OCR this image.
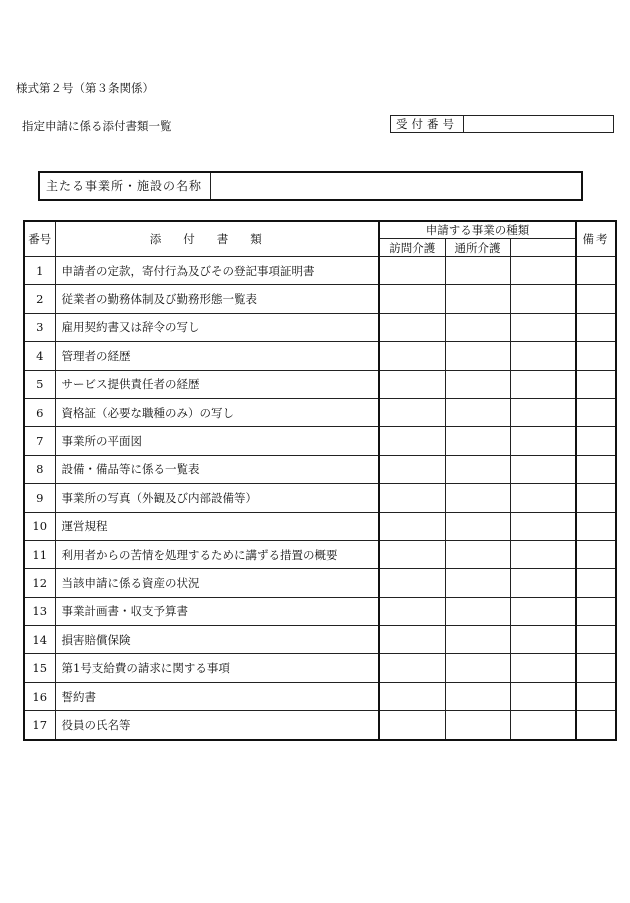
様式第２号（第３条関係）
指定申請に係る添付書類一覧	受付番号
主たる事業所・施設の名称
番号	添付書類	申請する事業の種類			備考
		訪問介護	通所介護		
1	申請者の定款，寄付行為及びその登記事項証明書				
2	従業者の勤務体制及び勤務形態一覧表				
3	雇用契約書又は辞令の写し				
4	管理者の経歴				
5	サービス提供責任者の経歴				
6	資格証（必要な職種のみ）の写し				
7	事業所の平面図				
8	設備・備品等に係る一覧表				
9	事業所の写真（外観及び内部設備等）				
10	運営規程				
11	利用者からの苦情を処理するために講ずる措置の概要				
12	当該申請に係る資産の状況				
13	事業計画書・収支予算書				
14	損害賠償保険				
15	第1号支給費の請求に関する事項				
16	誓約書				
17	役員の氏名等				
